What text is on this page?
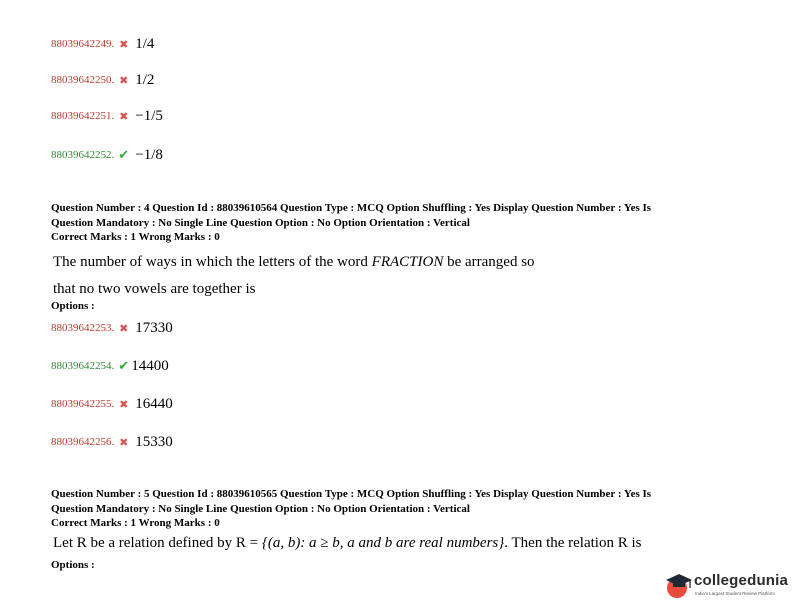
88039642249. ✖ 1/4
88039642250. ✖ 1/2
88039642251. ✖ −1/5
88039642252. ✔ −1/8
Question Number : 4 Question Id : 88039610564 Question Type : MCQ Option Shuffling : Yes Display Question Number : Yes Is
Question Mandatory : No Single Line Question Option : No Option Orientation : Vertical
Correct Marks : 1 Wrong Marks : 0
The number of ways in which the letters of the word FRACTION be arranged so
that no two vowels are together is
Options :
88039642253. ✖ 17330
88039642254. ✔ 14400
88039642255. ✖ 16440
88039642256. ✖ 15330
Question Number : 5 Question Id : 88039610565 Question Type : MCQ Option Shuffling : Yes Display Question Number : Yes Is
Question Mandatory : No Single Line Question Option : No Option Orientation : Vertical
Correct Marks : 1 Wrong Marks : 0
Let R be a relation defined by R = {(a, b): a ≥ b, a and b are real numbers}. Then the relation R is
Options :
collegedunia
India's Largest Student Review Platform
